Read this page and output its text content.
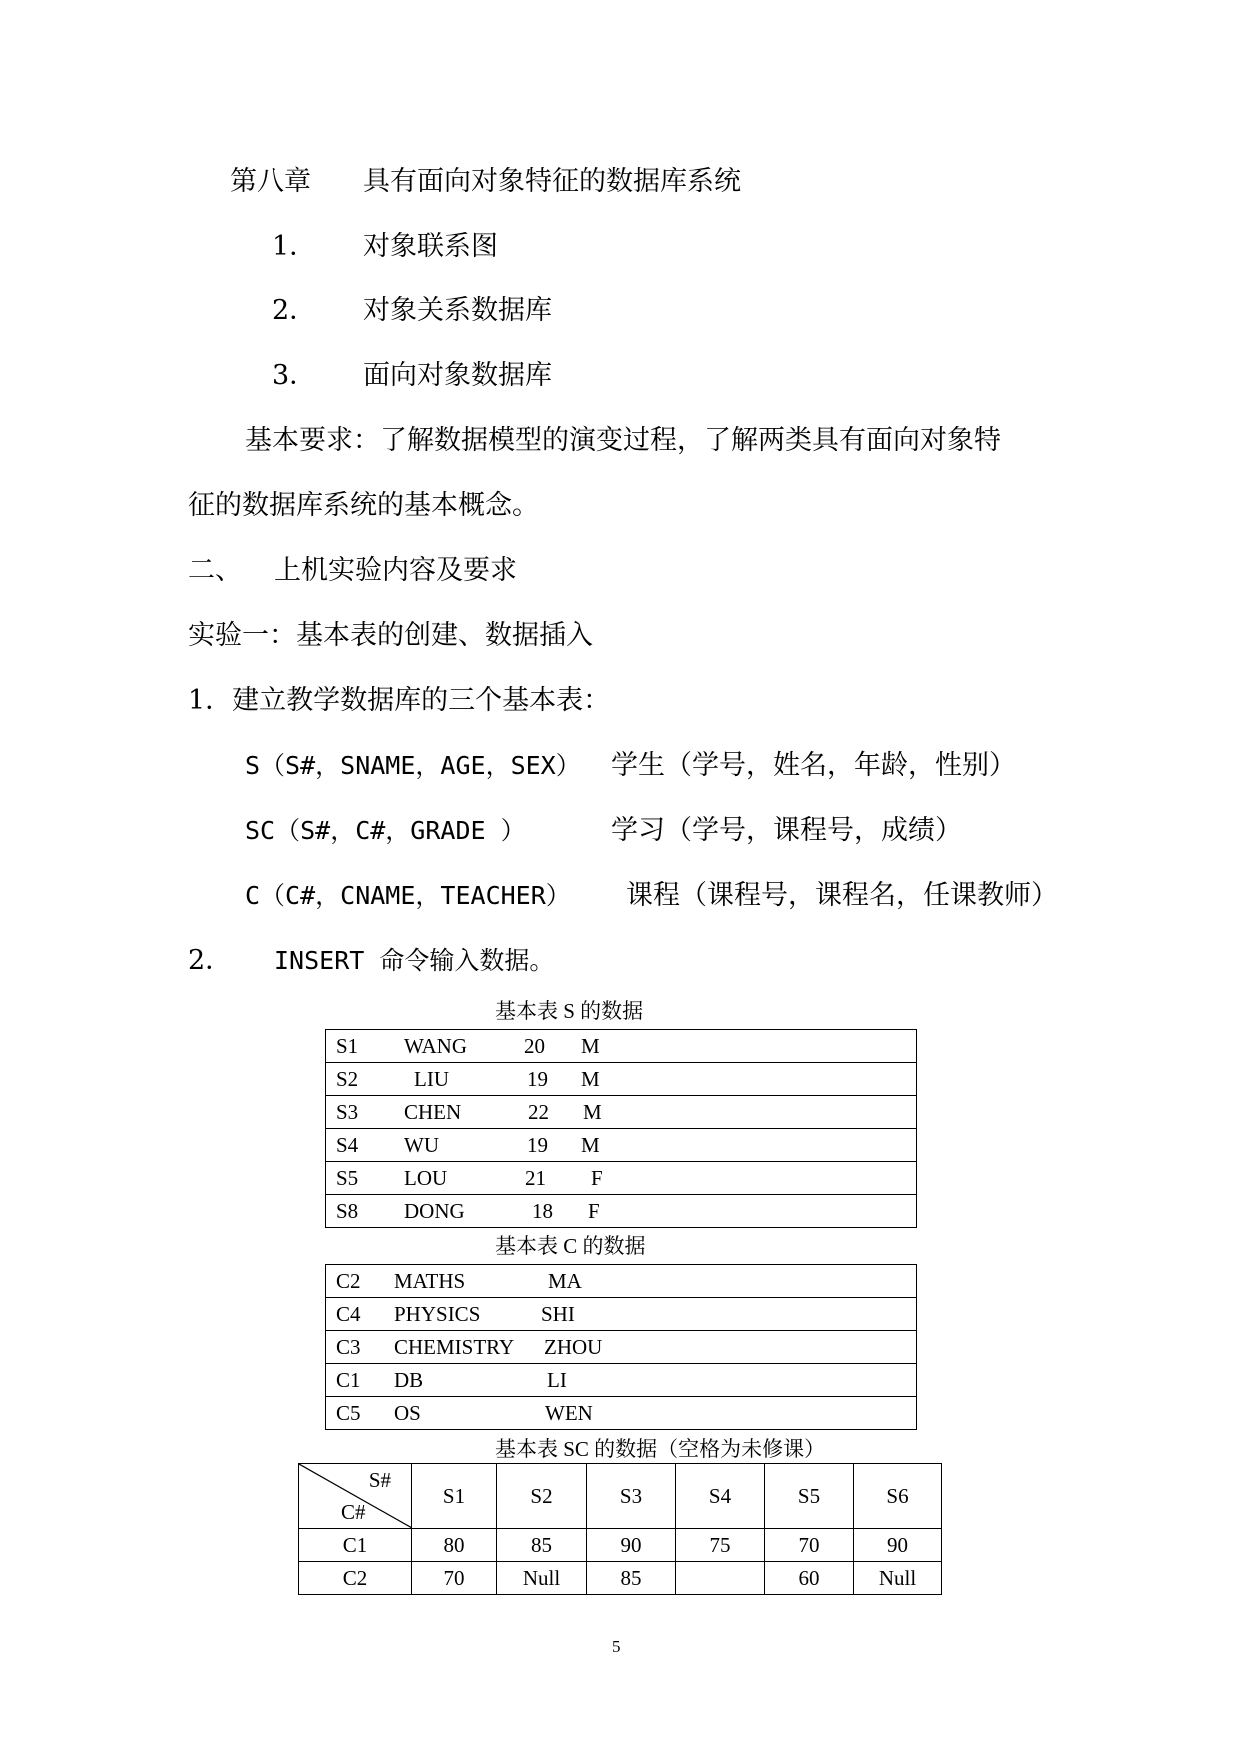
第八章 具有面向对象特征的数据库系统
1． 对象联系图
2． 对象关系数据库
3． 面向对象数据库
基本要求：了解数据模型的演变过程，了解两类具有面向对象特
征的数据库系统的基本概念。
二、 上机实验内容及要求
实验一：基本表的创建、数据插入
1．建立教学数据库的三个基本表：
S（S#，SNAME，AGE，SEX） 学生（学号，姓名，年龄，性别）
SC（S#，C#，GRADE ）	学习（学号，课程号，成绩）
C（C#，CNAME，TEACHER） 课程（课程号，课程名，任课教师）
2． INSERT 命令输入数据。
基本表 S 的数据
S1 WANG	20 M

S2	LIU	19 M

S3 CHEN	22 M

S4 WU	19 M

S5 LOU	21 F

S8 DONG	18 F
基本表 C 的数据
C2 MATHS	MA

C4 PHYSICS	SHI

C3 CHEMISTRY ZHOU

C1 DB	LI

C5 OS	WEN
基本表 SC 的数据（空格为未修课）
S#
C#	S1	S2	S3	S4	S5	S6
C1	80	85	90	75	70	90
C2	70	Null	85		60	Null
5
